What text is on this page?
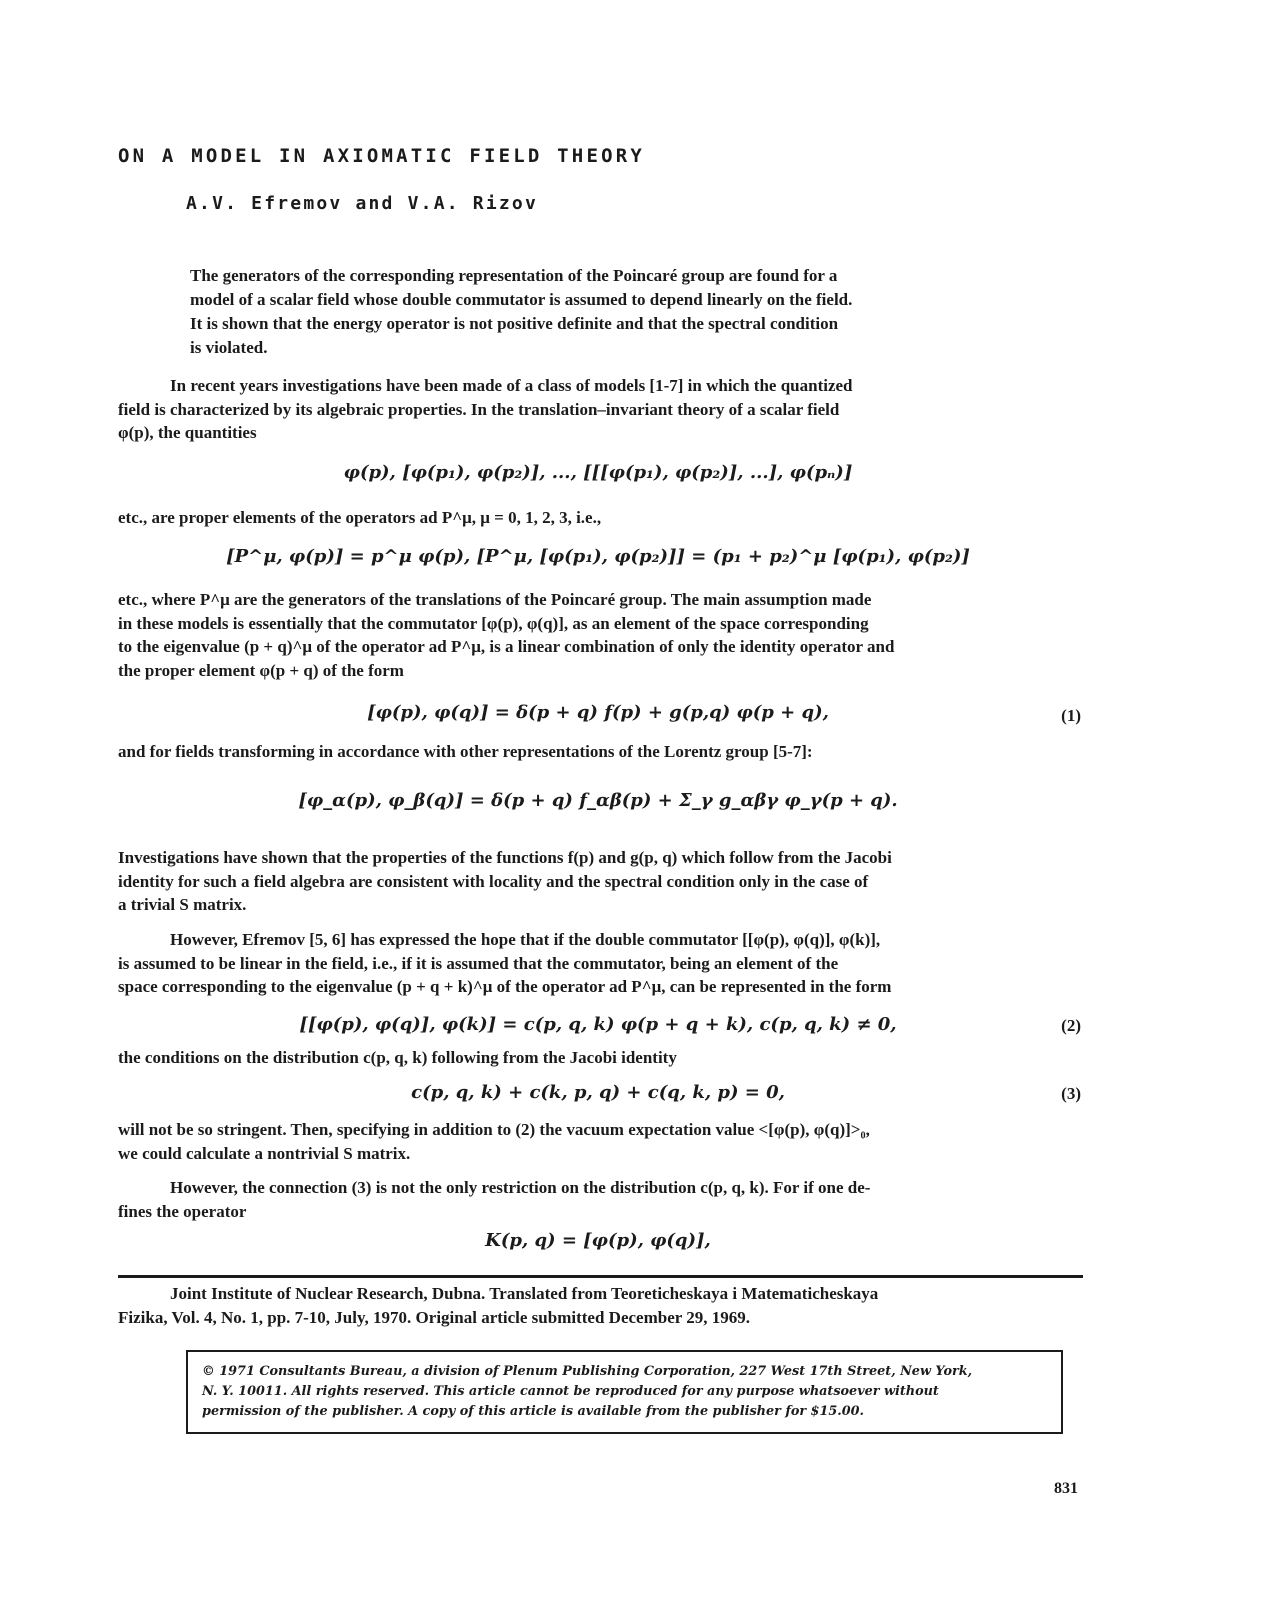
ON A MODEL IN AXIOMATIC FIELD THEORY
A.V. Efremov and V.A. Rizov

The generators of the corresponding representation of the Poincaré group are found for a

model of a scalar field whose double commutator is assumed to depend linearly on the field.

It is shown that the energy operator is not positive definite and that the spectral condition

is violated.

In recent years investigations have been made of a class of models [1-7] in which the quantized
field is characterized by its algebraic properties. In the translation–invariant theory of a scalar field
φ(p), the quantities
φ(p), [φ(p₁), φ(p₂)], ..., [[[φ(p₁), φ(p₂)], ...], φ(pₙ)]
etc., are proper elements of the operators ad P^μ, μ = 0, 1, 2, 3, i.e.,
[P^μ, φ(p)] = p^μ φ(p), [P^μ, [φ(p₁), φ(p₂)]] = (p₁ + p₂)^μ [φ(p₁), φ(p₂)]
etc., where P^μ are the generators of the translations of the Poincaré group. The main assumption made
in these models is essentially that the commutator [φ(p), φ(q)], as an element of the space corresponding
to the eigenvalue (p + q)^μ of the operator ad P^μ, is a linear combination of only the identity operator and
the proper element φ(p + q) of the form
[φ(p), φ(q)] = δ(p + q) f(p) + g(p,q) φ(p + q),	(1)
and for fields transforming in accordance with other representations of the Lorentz group [5-7]:
[φ_α(p), φ_β(q)] = δ(p + q) f_αβ(p) + Σ_γ g_αβγ φ_γ(p + q).
Investigations have shown that the properties of the functions f(p) and g(p, q) which follow from the Jacobi
identity for such a field algebra are consistent with locality and the spectral condition only in the case of
a trivial S matrix.
However, Efremov [5, 6] has expressed the hope that if the double commutator [[φ(p), φ(q)], φ(k)],
is assumed to be linear in the field, i.e., if it is assumed that the commutator, being an element of the
space corresponding to the eigenvalue (p + q + k)^μ of the operator ad P^μ, can be represented in the form
[[φ(p), φ(q)], φ(k)] = c(p, q, k) φ(p + q + k), c(p, q, k) ≠ 0,	(2)
the conditions on the distribution c(p, q, k) following from the Jacobi identity
c(p, q, k) + c(k, p, q) + c(q, k, p) = 0,	(3)
will not be so stringent. Then, specifying in addition to (2) the vacuum expectation value <[φ(p), φ(q)]>₀,
we could calculate a nontrivial S matrix.
However, the connection (3) is not the only restriction on the distribution c(p, q, k). For if one de-
fines the operator
K(p, q) = [φ(p), φ(q)],
Joint Institute of Nuclear Research, Dubna. Translated from Teoreticheskaya i Matematicheskaya
Fizika, Vol. 4, No. 1, pp. 7-10, July, 1970. Original article submitted December 29, 1969.
© 1971 Consultants Bureau, a division of Plenum Publishing Corporation, 227 West 17th Street, New York,
N. Y. 10011. All rights reserved. This article cannot be reproduced for any purpose whatsoever without
permission of the publisher. A copy of this article is available from the publisher for $15.00.
831
